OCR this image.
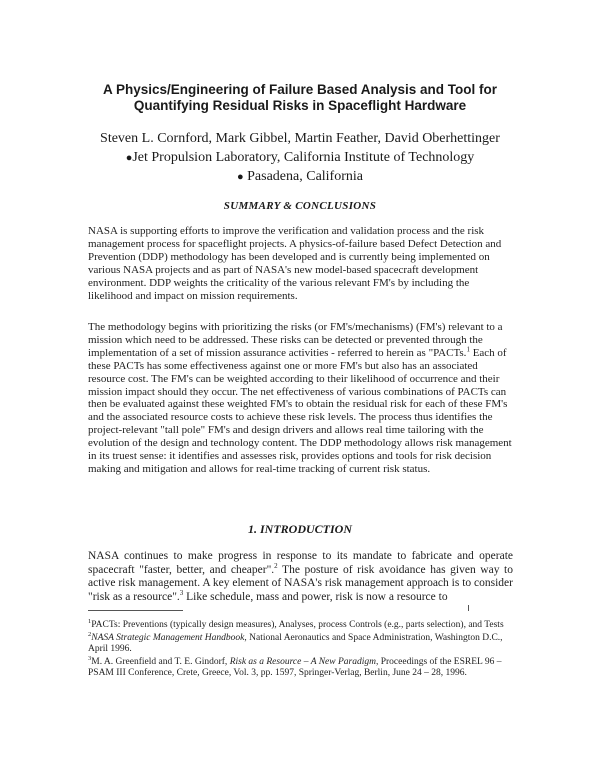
A Physics/Engineering of Failure Based Analysis and Tool for
Quantifying Residual Risks in Spaceflight Hardware

Steven L. Cornford, Mark Gibbel, Martin Feather, David Oberhettinger

●Jet Propulsion Laboratory, California Institute of Technology

● Pasadena, California

SUMMARY & CONCLUSIONS

NASA is supporting efforts to improve the verification and validation process and the risk management process for spaceflight projects. A physics-of-failure based Defect Detection and Prevention (DDP) methodology has been developed and is currently being implemented on various NASA projects and as part of NASA's new model-based spacecraft development environment. DDP weights the criticality of the various relevant FM's by including the likelihood and impact on mission requirements.

The methodology begins with prioritizing the risks (or FM's/mechanisms) (FM's) relevant to a mission which need to be addressed. These risks can be detected or prevented through the implementation of a set of mission assurance activities - referred to herein as "PACTs.$^1$ Each of these PACTs has some effectiveness against one or more FM's but also has an associated resource cost. The FM's can be weighted according to their likelihood of occurrence and their mission impact should they occur. The net effectiveness of various combinations of PACTs can then be evaluated against these weighted FM's to obtain the residual risk for each of these FM's and the associated resource costs to achieve these risk levels. The process thus identifies the project-relevant "tall pole" FM's and design drivers and allows real time tailoring with the evolution of the design and technology content. The DDP methodology allows risk management in its truest sense: it identifies and assesses risk, provides options and tools for risk decision making and mitigation and allows for real-time tracking of current risk status.

1. INTRODUCTION

NASA continues to make progress in response to its mandate to fabricate and operate spacecraft "faster, better, and cheaper".$^2$ The posture of risk avoidance has given way to active risk management. A key element of NASA's risk management approach is to consider "risk as a resource".$^3$ Like schedule, mass and power, risk is now a resource to

$^1$PACTs: Preventions (typically design measures), Analyses, process Controls (e.g., parts selection), and Tests

$^2$NASA Strategic Management Handbook, National Aeronautics and Space Administration, Washington D.C., April 1996.

$^3$M. A. Greenfield and T. E. Gindorf, Risk as a Resource – A New Paradigm, Proceedings of the ESREL 96 – PSAM III Conference, Crete, Greece, Vol. 3, pp. 1597, Springer-Verlag, Berlin, June 24 – 28, 1996.
